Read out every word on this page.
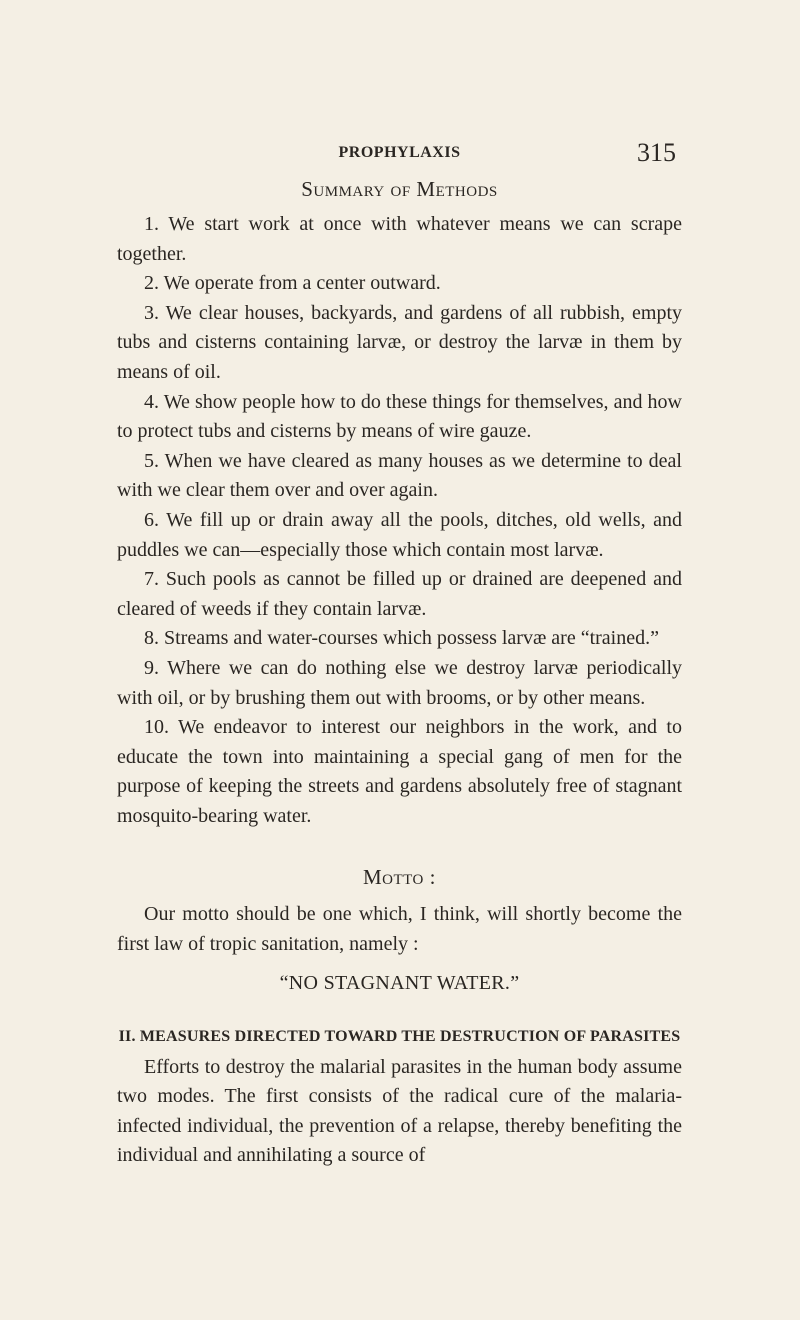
PROPHYLAXIS	315
Summary of Methods

1. We start work at once with whatever means we can scrape together.

2. We operate from a center outward.

3. We clear houses, backyards, and gardens of all rubbish, empty tubs and cisterns containing larvæ, or destroy the larvæ in them by means of oil.

4. We show people how to do these things for themselves, and how to protect tubs and cisterns by means of wire gauze.

5. When we have cleared as many houses as we determine to deal with we clear them over and over again.

6. We fill up or drain away all the pools, ditches, old wells, and puddles we can—especially those which contain most larvæ.

7. Such pools as cannot be filled up or drained are deepened and cleared of weeds if they contain larvæ.

8. Streams and water-courses which possess larvæ are “trained.”

9. Where we can do nothing else we destroy larvæ periodically with oil, or by brushing them out with brooms, or by other means.

10. We endeavor to interest our neighbors in the work, and to educate the town into maintaining a special gang of men for the purpose of keeping the streets and gardens absolutely free of stagnant mosquito-bearing water.

Motto :

Our motto should be one which, I think, will shortly become the first law of tropic sanitation, namely :

“NO STAGNANT WATER.”
II. MEASURES DIRECTED TOWARD THE DESTRUCTION OF PARASITES

Efforts to destroy the malarial parasites in the human body assume two modes. The first consists of the radical cure of the malaria-infected individual, the prevention of a relapse, thereby benefiting the individual and annihilating a source of
